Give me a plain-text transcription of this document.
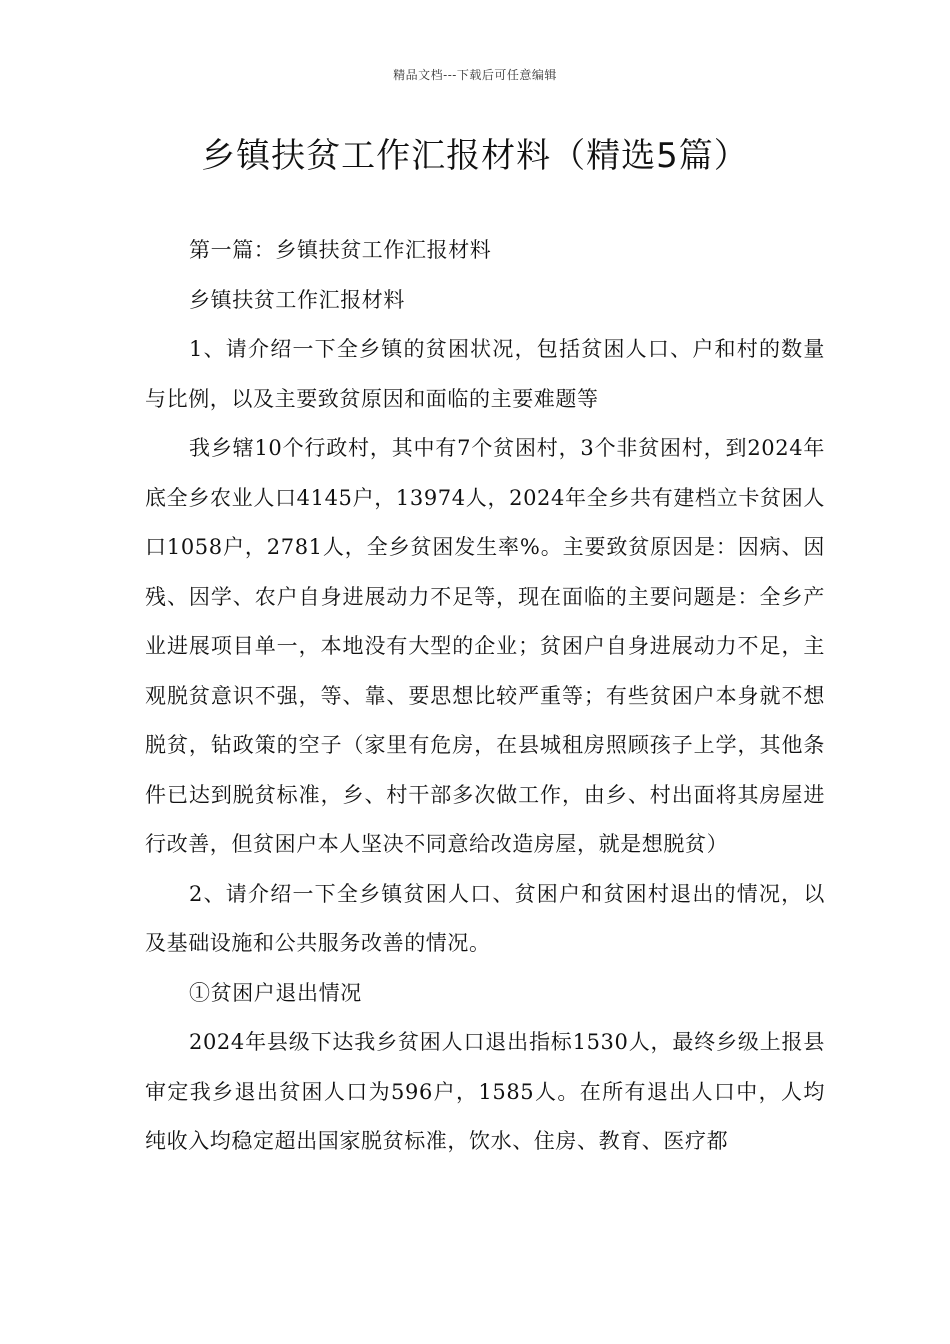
精品文档---下载后可任意编辑
乡镇扶贫工作汇报材料（精选5篇）

第一篇：乡镇扶贫工作汇报材料

乡镇扶贫工作汇报材料

1、请介绍一下全乡镇的贫困状况，包括贫困人口、户和村的数量与比例，以及主要致贫原因和面临的主要难题等

我乡辖10个行政村，其中有7个贫困村，3个非贫困村，到2024年底全乡农业人口4145户，13974人，2024年全乡共有建档立卡贫困人口1058户，2781人，全乡贫困发生率%。主要致贫原因是：因病、因残、因学、农户自身进展动力不足等，现在面临的主要问题是：全乡产业进展项目单一，本地没有大型的企业；贫困户自身进展动力不足，主观脱贫意识不强，等、靠、要思想比较严重等；有些贫困户本身就不想脱贫，钻政策的空子（家里有危房，在县城租房照顾孩子上学，其他条件已达到脱贫标准，乡、村干部多次做工作，由乡、村出面将其房屋进行改善，但贫困户本人坚决不同意给改造房屋，就是想脱贫）

2、请介绍一下全乡镇贫困人口、贫困户和贫困村退出的情况，以及基础设施和公共服务改善的情况。

①贫困户退出情况

2024年县级下达我乡贫困人口退出指标1530人，最终乡级上报县审定我乡退出贫困人口为596户，1585人。在所有退出人口中，人均纯收入均稳定超出国家脱贫标准，饮水、住房、教育、医疗都
